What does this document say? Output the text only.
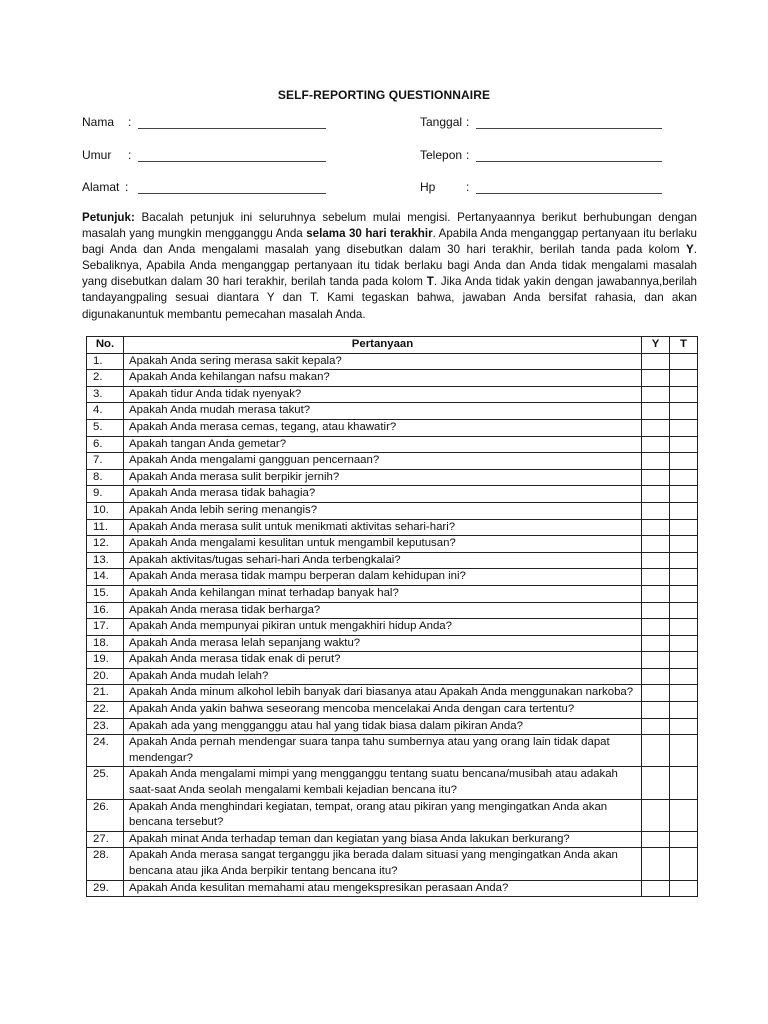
SELF-REPORTING QUESTIONNAIRE
Nama :
Umur :
Alamat :
Tanggal :
Telepon :
Hp	:
Petunjuk: Bacalah petunjuk ini seluruhnya sebelum mulai mengisi. Pertanyaannya berikut berhubungan dengan masalah yang mungkin mengganggu Anda selama 30 hari terakhir. Apabila Anda menganggap pertanyaan itu berlaku bagi Anda dan Anda mengalami masalah yang disebutkan dalam 30 hari terakhir, berilah tanda pada kolom Y. Sebaliknya, Apabila Anda menganggap pertanyaan itu tidak berlaku bagi Anda dan Anda tidak mengalami masalah yang disebutkan dalam 30 hari terakhir, berilah tanda pada kolom T. Jika Anda tidak yakin dengan jawabannya,berilah tandayangpaling sesuai diantara Y dan T. Kami tegaskan bahwa, jawaban Anda bersifat rahasia, dan akan digunakanuntuk membantu pemecahan masalah Anda.
No.	Pertanyaan	Y	T
1.	Apakah Anda sering merasa sakit kepala?		
2.	Apakah Anda kehilangan nafsu makan?		
3.	Apakah tidur Anda tidak nyenyak?		
4.	Apakah Anda mudah merasa takut?		
5.	Apakah Anda merasa cemas, tegang, atau khawatir?		
6.	Apakah tangan Anda gemetar?		
7.	Apakah Anda mengalami gangguan pencernaan?		
8.	Apakah Anda merasa sulit berpikir jernih?		
9.	Apakah Anda merasa tidak bahagia?		
10.	Apakah Anda lebih sering menangis?		
11.	Apakah Anda merasa sulit untuk menikmati aktivitas sehari-hari?		
12.	Apakah Anda mengalami kesulitan untuk mengambil keputusan?		
13.	Apakah aktivitas/tugas sehari-hari Anda terbengkalai?		
14.	Apakah Anda merasa tidak mampu berperan dalam kehidupan ini?		
15.	Apakah Anda kehilangan minat terhadap banyak hal?		
16.	Apakah Anda merasa tidak berharga?		
17.	Apakah Anda mempunyai pikiran untuk mengakhiri hidup Anda?		
18.	Apakah Anda merasa lelah sepanjang waktu?		
19.	Apakah Anda merasa tidak enak di perut?		
20.	Apakah Anda mudah lelah?		
21.	Apakah Anda minum alkohol lebih banyak dari biasanya atau Apakah Anda menggunakan narkoba?		
22.	Apakah Anda yakin bahwa seseorang mencoba mencelakai Anda dengan cara tertentu?		
23.	Apakah ada yang mengganggu atau hal yang tidak biasa dalam pikiran Anda?		
24.	Apakah Anda pernah mendengar suara tanpa tahu sumbernya atau yang orang lain tidak dapat mendengar?		
25.	Apakah Anda mengalami mimpi yang mengganggu tentang suatu bencana/musibah atau adakah saat-saat Anda seolah mengalami kembali kejadian bencana itu?		
26.	Apakah Anda menghindari kegiatan, tempat, orang atau pikiran yang mengingatkan Anda akan bencana tersebut?		
27.	Apakah minat Anda terhadap teman dan kegiatan yang biasa Anda lakukan berkurang?		
28.	Apakah Anda merasa sangat terganggu jika berada dalam situasi yang mengingatkan Anda akan bencana atau jika Anda berpikir tentang bencana itu?		
29.	Apakah Anda kesulitan memahami atau mengekspresikan perasaan Anda?		
